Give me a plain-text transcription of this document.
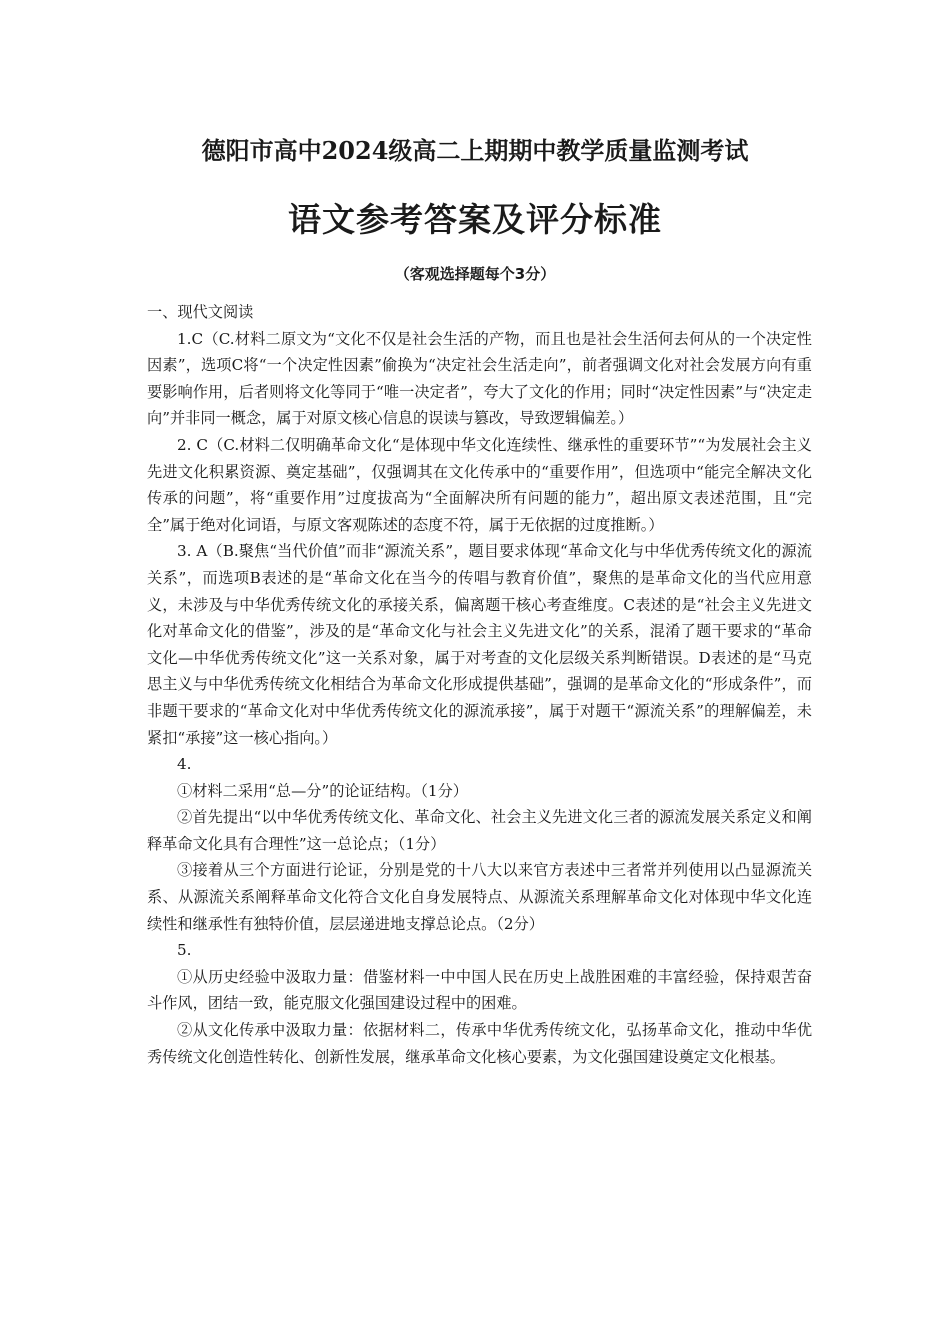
德阳市高中2024级高二上期期中教学质量监测考试
语文参考答案及评分标准
（客观选择题每个3分）

一、现代文阅读

1.C（C.材料二原文为“文化不仅是社会生活的产物，而且也是社会生活何去何从的一个决定性因素”，选项C将“一个决定性因素”偷换为“决定社会生活走向”，前者强调文化对社会发展方向有重要影响作用，后者则将文化等同于“唯一决定者”，夸大了文化的作用；同时“决定性因素”与“决定走向”并非同一概念，属于对原文核心信息的误读与篡改，导致逻辑偏差。）

2. C（C.材料二仅明确革命文化“是体现中华文化连续性、继承性的重要环节”“为发展社会主义先进文化积累资源、奠定基础”，仅强调其在文化传承中的“重要作用”，但选项中“能完全解决文化传承的问题”，将“重要作用”过度拔高为“全面解决所有问题的能力”，超出原文表述范围，且“完全”属于绝对化词语，与原文客观陈述的态度不符，属于无依据的过度推断。）

3. A（B.聚焦“当代价值”而非“源流关系”，题目要求体现“革命文化与中华优秀传统文化的源流关系”，而选项B表述的是“革命文化在当今的传唱与教育价值”，聚焦的是革命文化的当代应用意义，未涉及与中华优秀传统文化的承接关系，偏离题干核心考查维度。C表述的是“社会主义先进文化对革命文化的借鉴”，涉及的是“革命文化与社会主义先进文化”的关系，混淆了题干要求的“革命文化—中华优秀传统文化”这一关系对象，属于对考查的文化层级关系判断错误。D表述的是“马克思主义与中华优秀传统文化相结合为革命文化形成提供基础”，强调的是革命文化的“形成条件”，而非题干要求的“革命文化对中华优秀传统文化的源流承接”，属于对题干“源流关系”的理解偏差，未紧扣“承接”这一核心指向。）

4.

①材料二采用“总—分”的论证结构。（1分）

②首先提出“以中华优秀传统文化、革命文化、社会主义先进文化三者的源流发展关系定义和阐释革命文化具有合理性”这一总论点；（1分）

③接着从三个方面进行论证，分别是党的十八大以来官方表述中三者常并列使用以凸显源流关系、从源流关系阐释革命文化符合文化自身发展特点、从源流关系理解革命文化对体现中华文化连续性和继承性有独特价值，层层递进地支撑总论点。（2分）

5.

①从历史经验中汲取力量：借鉴材料一中中国人民在历史上战胜困难的丰富经验，保持艰苦奋斗作风，团结一致，能克服文化强国建设过程中的困难。

②从文化传承中汲取力量：依据材料二，传承中华优秀传统文化，弘扬革命文化，推动中华优秀传统文化创造性转化、创新性发展，继承革命文化核心要素，为文化强国建设奠定文化根基。
